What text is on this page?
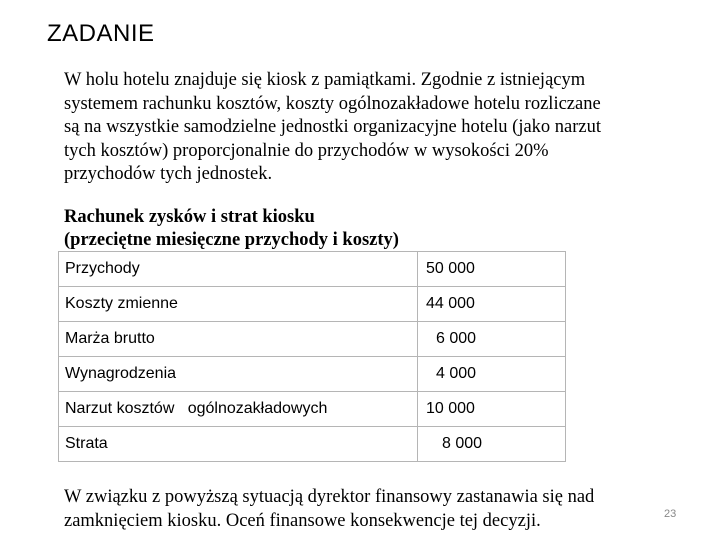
ZADANIE

W holu hotelu znajduje się kiosk z pamiątkami. Zgodnie z istniejącym

systemem rachunku kosztów, koszty ogólnozakładowe hotelu rozliczane

są na wszystkie samodzielne jednostki organizacyjne hotelu (jako narzut

tych kosztów) proporcjonalnie do przychodów w wysokości 20%

przychodów tych jednostek.

Rachunek zysków i strat kiosku
(przeciętne miesięczne przychody i koszty)
Przychody	50 000
Koszty zmienne	44 000
Marża brutto	6 000
Wynagrodzenia	4 000
Narzut kosztów   ogólnozakładowych	10 000
Strata	8 000

W związku z powyższą sytuacją dyrektor finansowy zastanawia się nad

zamknięciem kiosku. Oceń finansowe konsekwencje tej decyzji.	23
